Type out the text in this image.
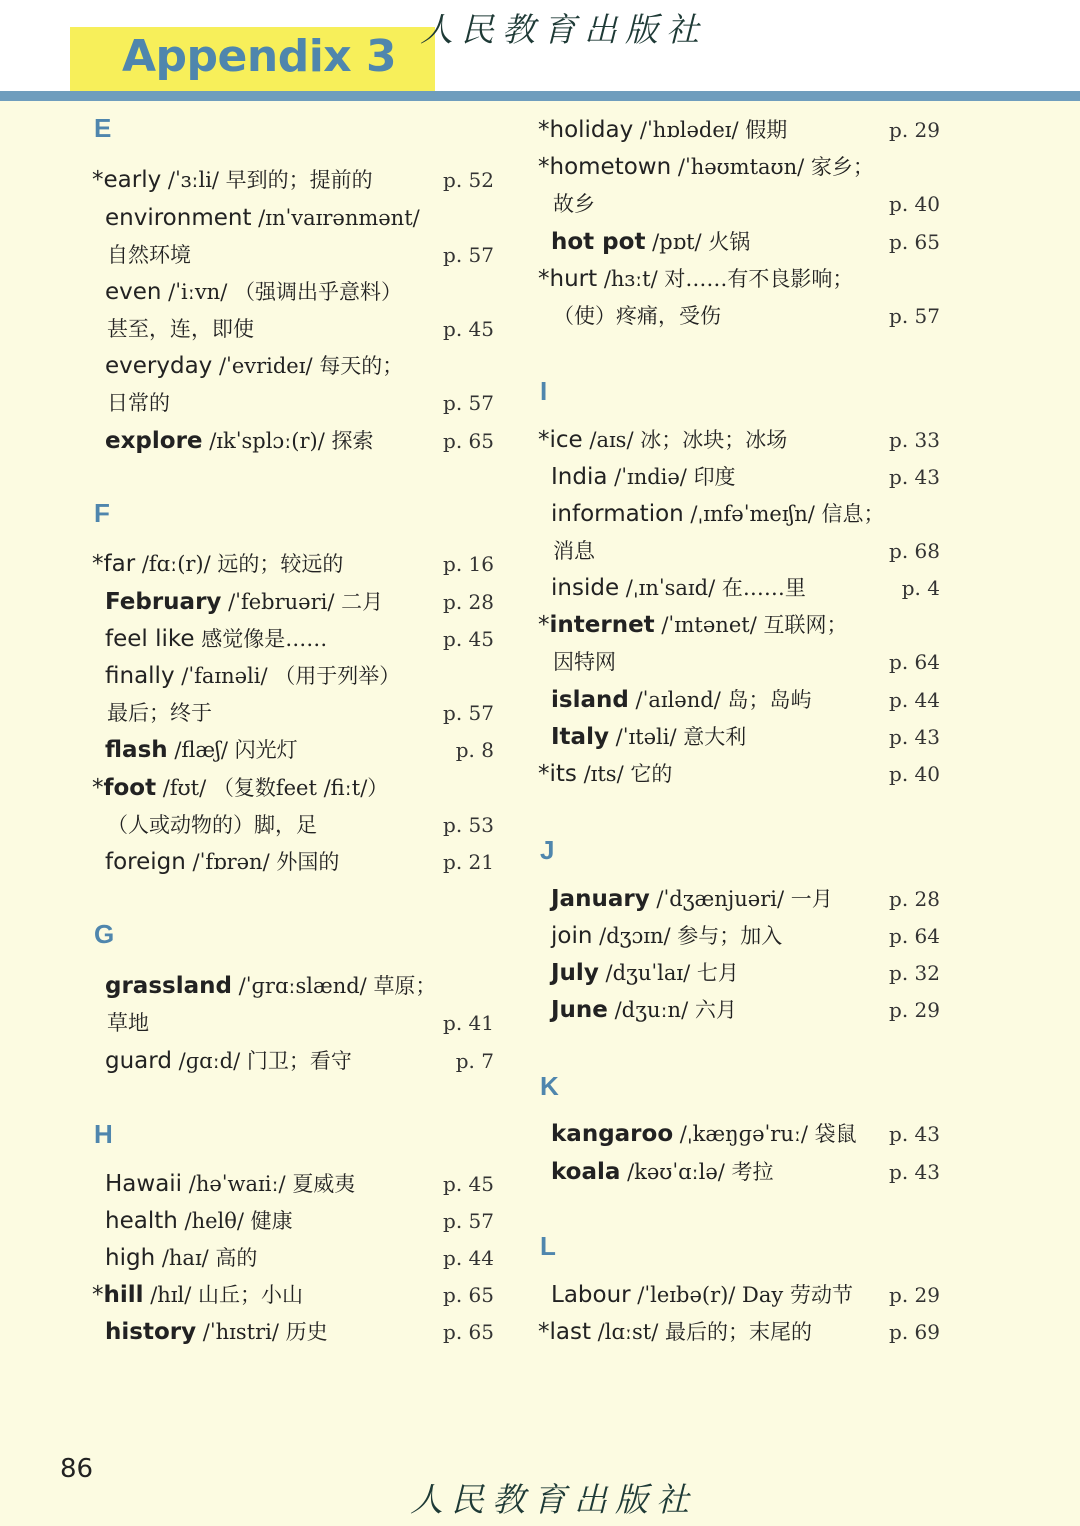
Appendix 3
人民教育出版社
E
*early /ˈɜːli/ 早到的；提前的	p. 52
environment /ɪnˈvaɪrənmənt/
自然环境	p. 57
even /ˈiːvn/ （强调出乎意料）
甚至，连，即使	p. 45
everyday /ˈevrideɪ/ 每天的；
日常的	p. 57
explore /ɪkˈsplɔː(r)/ 探索	p. 65
F
*far /fɑː(r)/ 远的；较远的	p. 16
February /ˈfebruəri/ 二月	p. 28
feel like 感觉像是……	p. 45
finally /ˈfaɪnəli/ （用于列举）
最后；终于	p. 57
flash /flæʃ/ 闪光灯	p. 8
*foot /fʊt/ （复数feet /fiːt/）
（人或动物的）脚，足	p. 53
foreign /ˈfɒrən/ 外国的	p. 21
G
grassland /ˈɡrɑːslænd/ 草原；
草地	p. 41
guard /ɡɑːd/ 门卫；看守	p. 7
H
Hawaii /həˈwaɪiː/ 夏威夷	p. 45
health /helθ/ 健康	p. 57
high /haɪ/ 高的	p. 44
*hill /hɪl/ 山丘；小山	p. 65
history /ˈhɪstri/ 历史	p. 65
*holiday /ˈhɒlədeɪ/ 假期	p. 29
*hometown /ˈhəʊmtaʊn/ 家乡；
故乡	p. 40
hot pot /pɒt/ 火锅	p. 65
*hurt /hɜːt/ 对……有不良影响；
（使）疼痛，受伤	p. 57
I
*ice /aɪs/ 冰；冰块；冰场	p. 33
India /ˈɪndiə/ 印度	p. 43
information /ˌɪnfəˈmeɪʃn/ 信息；
消息	p. 68
inside /ˌɪnˈsaɪd/ 在……里	p. 4
*internet /ˈɪntənet/ 互联网；
因特网	p. 64
island /ˈaɪlənd/ 岛；岛屿	p. 44
Italy /ˈɪtəli/ 意大利	p. 43
*its /ɪts/ 它的	p. 40
J
January /ˈdʒænjuəri/ 一月	p. 28
join /dʒɔɪn/ 参与；加入	p. 64
July /dʒuˈlaɪ/ 七月	p. 32
June /dʒuːn/ 六月	p. 29
K
kangaroo /ˌkæŋɡəˈruː/ 袋鼠 p. 43
koala /kəʊˈɑːlə/ 考拉	p. 43
L
Labour /ˈleɪbə(r)/ Day 劳动节 p. 29
*last /lɑːst/ 最后的；末尾的	p. 69
86
人民教育出版社
